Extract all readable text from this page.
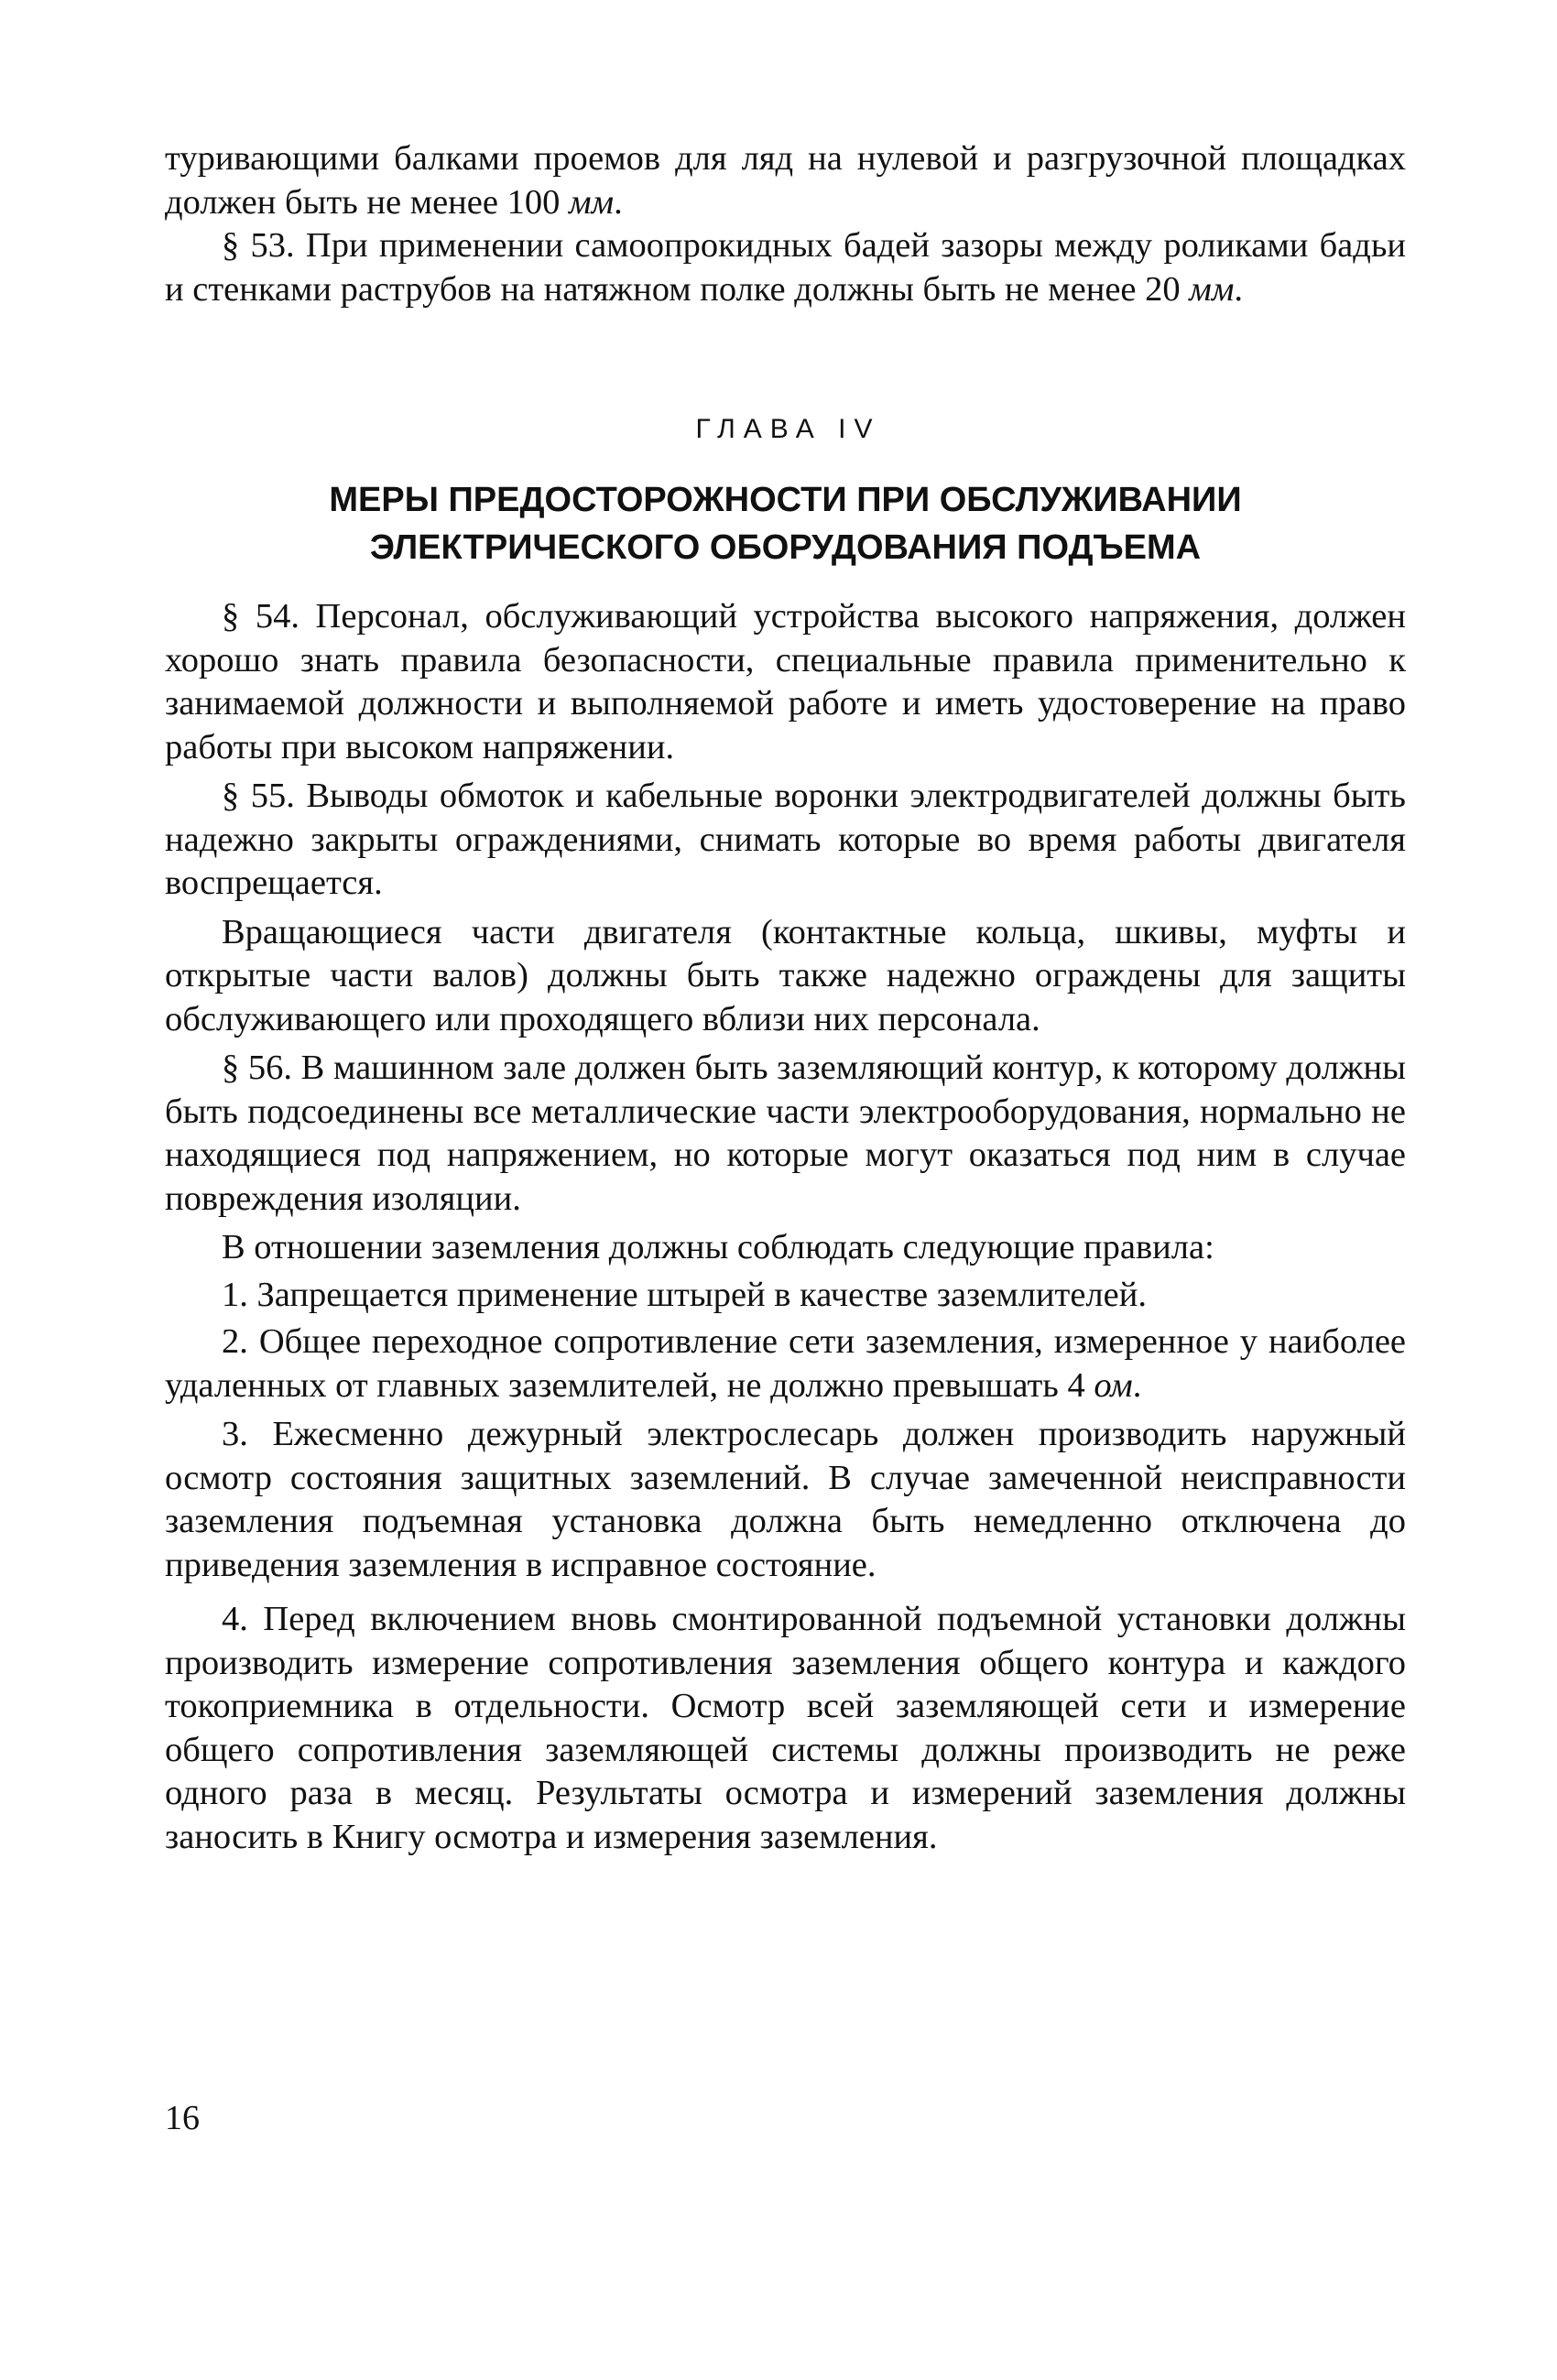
туривающими балками проемов для ляд на нулевой и разгрузочной площадках должен быть не менее 100 мм.

§ 53. При применении самоопрокидных бадей зазоры между роликами бадьи и стенками раструбов на натяжном полке должны быть не менее 20 мм.

ГЛАВА IV

МЕРЫ ПРЕДОСТОРОЖНОСТИ ПРИ ОБСЛУЖИВАНИИ

ЭЛЕКТРИЧЕСКОГО ОБОРУДОВАНИЯ ПОДЪЕМА

§ 54. Персонал, обслуживающий устройства высокого напряжения, должен хорошо знать правила безопасности, специальные правила применительно к занимаемой должности и выполняемой работе и иметь удостоверение на право работы при высоком напряжении.

§ 55. Выводы обмоток и кабельные воронки электродвигателей должны быть надежно закрыты ограждениями, снимать которые во время работы двигателя воспрещается.

Вращающиеся части двигателя (контактные кольца, шкивы, муфты и открытые части валов) должны быть также надежно ограждены для защиты обслуживающего или проходящего вблизи них персонала.

§ 56. В машинном зале должен быть заземляющий контур, к которому должны быть подсоединены все металлические части электрооборудования, нормально не находящиеся под напряжением, но которые могут оказаться под ним в случае повреждения изоляции.

В отношении заземления должны соблюдать следующие правила:

1. Запрещается применение штырей в качестве заземлителей.

2. Общее переходное сопротивление сети заземления, измеренное у наиболее удаленных от главных заземлителей, не должно превышать 4 ом.

3. Ежесменно дежурный электрослесарь должен производить наружный осмотр состояния защитных заземлений. В случае замеченной неисправности заземления подъемная установка должна быть немедленно отключена до приведения заземления в исправное состояние.

4. Перед включением вновь смонтированной подъемной установки должны производить измерение сопротивления заземления общего контура и каждого токоприемника в отдельности. Осмотр всей заземляющей сети и измерение общего сопротивления заземляющей системы должны производить не реже одного раза в месяц. Результаты осмотра и измерений заземления должны заносить в Книгу осмотра и измерения заземления.

16
